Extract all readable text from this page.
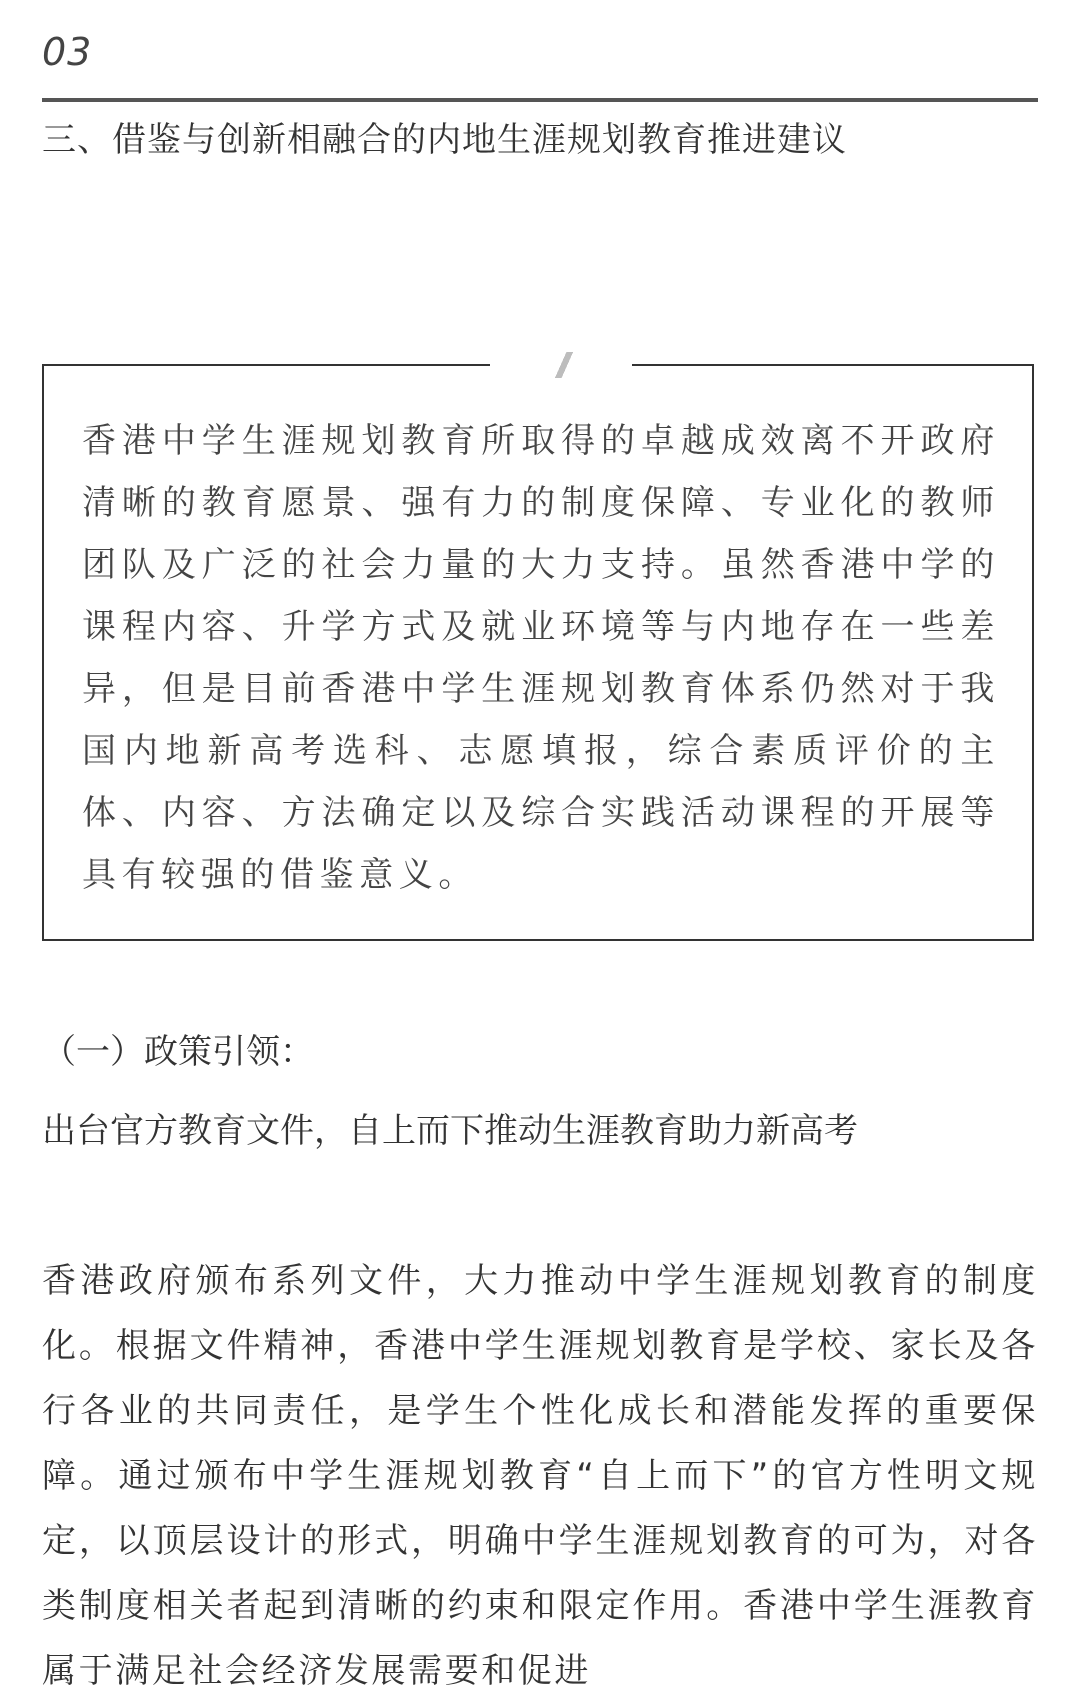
03
三、借鉴与创新相融合的内地生涯规划教育推进建议

香港中学生涯规划教育所取得的卓越成效离不开政府清晰的教育愿景、强有力的制度保障、专业化的教师团队及广泛的社会力量的大力支持。虽然香港中学的课程内容、升学方式及就业环境等与内地存在一些差异，但是目前香港中学生涯规划教育体系仍然对于我国内地新高考选科、志愿填报，综合素质评价的主体、内容、方法确定以及综合实践活动课程的开展等具有较强的借鉴意义。

（一）政策引领：
出台官方教育文件，自上而下推动生涯教育助力新高考

香港政府颁布系列文件，大力推动中学生涯规划教育的制度化。根据文件精神，香港中学生涯规划教育是学校、家长及各行各业的共同责任，是学生个性化成长和潜能发挥的重要保障。通过颁布中学生涯规划教育“自上而下”的官方性明文规定，以顶层设计的形式，明确中学生涯规划教育的可为，对各类制度相关者起到清晰的约束和限定作用。香港中学生涯教育属于满足社会经济发展需要和促进
